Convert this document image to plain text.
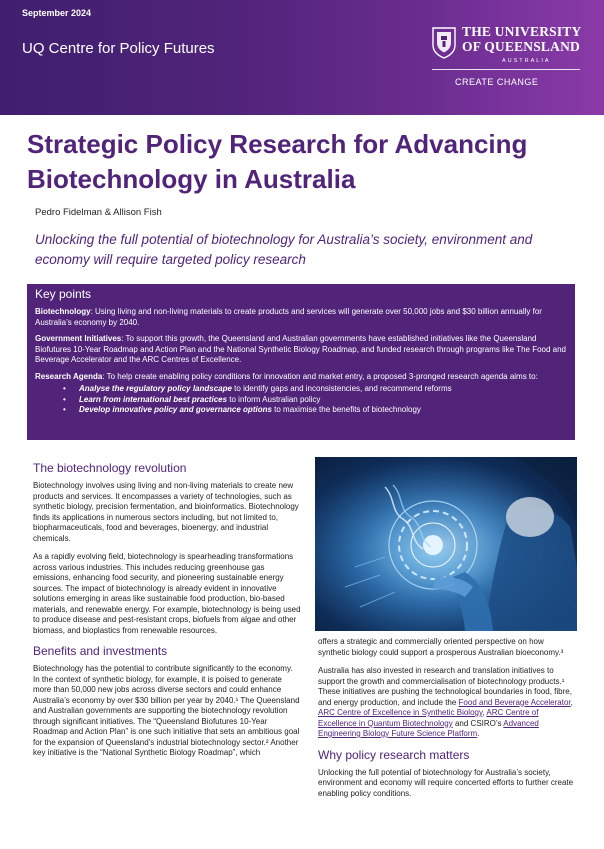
September 2024
UQ Centre for Policy Futures
THE UNIVERSITY
OF QUEENSLAND
AUSTRALIA
CREATE CHANGE
Strategic Policy Research for Advancing Biotechnology in Australia
Pedro Fidelman & Allison Fish
Unlocking the full potential of biotechnology for Australia’s society, environment and economy will require targeted policy research
Key points

Biotechnology: Using living and non-living materials to create products and services will generate over 50,000 jobs and $30 billion annually for Australia’s economy by 2040.

Government Initiatives: To support this growth, the Queensland and Australian governments have established initiatives like the Queensland Biofutures 10-Year Roadmap and Action Plan and the National Synthetic Biology Roadmap, and funded research through programs like The Food and Beverage Accelerator and the ARC Centres of Excellence.

Research Agenda: To help create enabling policy conditions for innovation and market entry, a proposed 3-pronged research agenda aims to:

• Analyse the regulatory policy landscape to identify gaps and inconsistencies, and recommend reforms
• Learn from international best practices to inform Australian policy
• Develop innovative policy and governance options to maximise the benefits of biotechnology
The biotechnology revolution

Biotechnology involves using living and non-living materials to create new products and services. It encompasses a variety of technologies, such as synthetic biology, precision fermentation, and bioinformatics. Biotechnology finds its applications in numerous sectors including, but not limited to, biopharmaceuticals, food and beverages, bioenergy, and industrial chemicals.

As a rapidly evolving field, biotechnology is spearheading transformations across various industries. This includes reducing greenhouse gas emissions, enhancing food security, and pioneering sustainable energy sources. The impact of biotechnology is already evident in innovative solutions emerging in areas like sustainable food production, bio-based materials, and renewable energy. For example, biotechnology is being used to produce disease and pest-resistant crops, biofuels from algae and other biomass, and bioplastics from renewable resources.

Benefits and investments

Biotechnology has the potential to contribute significantly to the economy. In the context of synthetic biology, for example, it is poised to generate more than 50,000 new jobs across diverse sectors and could enhance Australia’s economy by over $30 billion per year by 2040.¹ The Queensland and Australian governments are supporting the biotechnology revolution through significant initiatives. The “Queensland Biofutures 10-Year Roadmap and Action Plan” is one such initiative that sets an ambitious goal for the expansion of Queensland’s industrial biotechnology sector.² Another key initiative is the “National Synthetic Biology Roadmap”, which

offers a strategic and commercially oriented perspective on how synthetic biology could support a prosperous Australian bioeconomy.³

Australia has also invested in research and translation initiatives to support the growth and commercialisation of biotechnology products.¹ These initiatives are pushing the technological boundaries in food, fibre, and energy production, and include the Food and Beverage Accelerator, ARC Centre of Excellence in Synthetic Biology, ARC Centre of Excellence in Quantum Biotechnology and CSIRO’s Advanced Engineering Biology Future Science Platform.

Why policy research matters

Unlocking the full potential of biotechnology for Australia’s society, environment and economy will require concerted efforts to further create enabling policy conditions.
